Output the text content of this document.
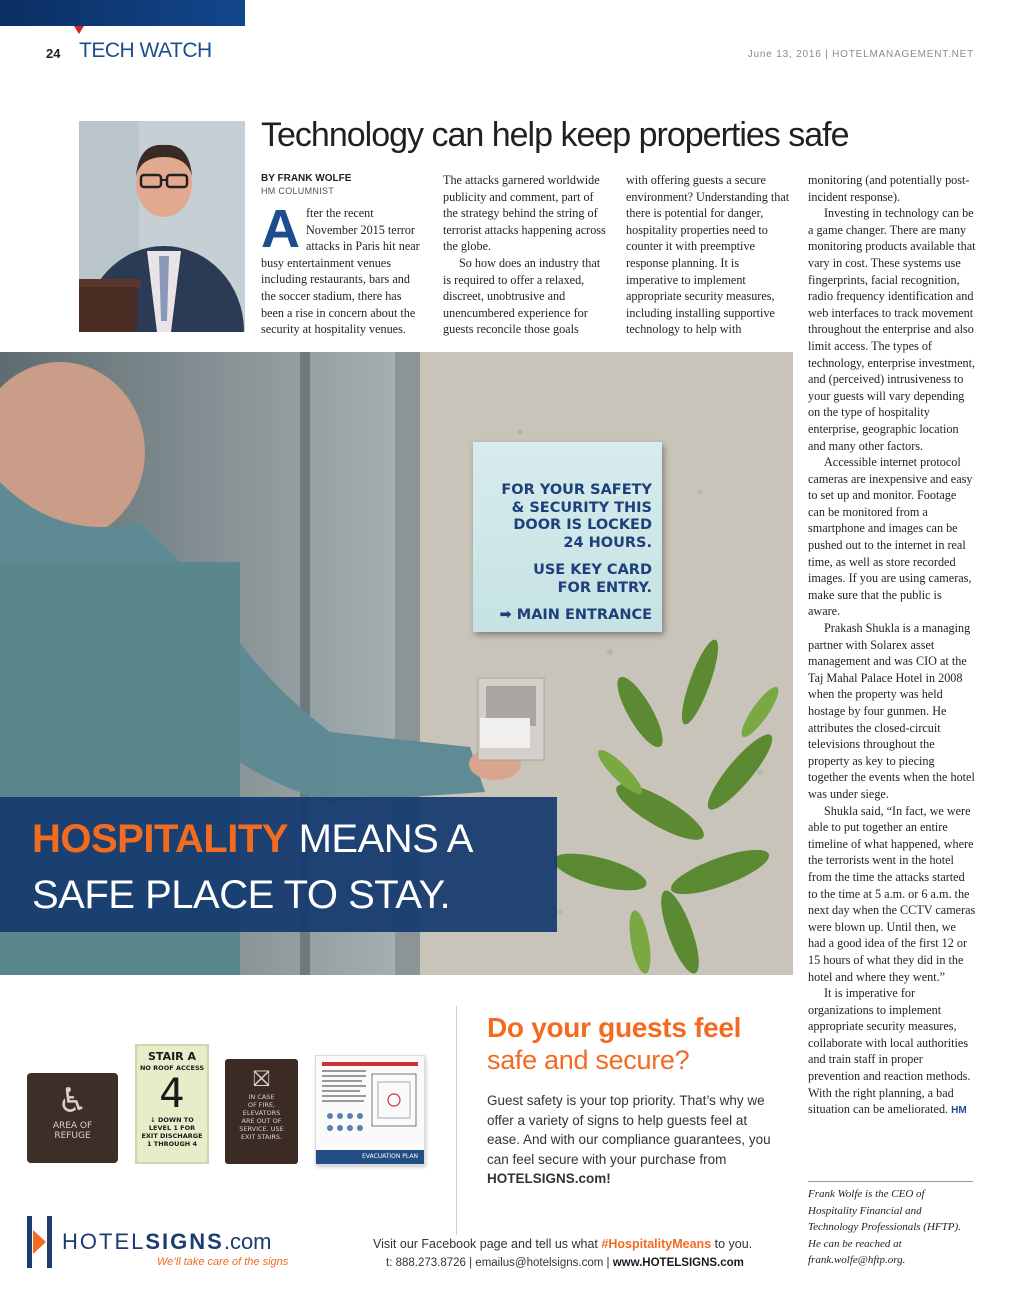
24 TECH WATCH	June 13, 2016 | HOTELMANAGEMENT.NET
Technology can help keep properties safe
BY FRANK WOLFE
HM COLUMNIST

After the recent November 2015 terror attacks in Paris hit near busy entertainment venues including restaurants, bars and the soccer stadium, there has been a rise in concern about the security at hospitality venues.

The attacks garnered worldwide publicity and comment, part of the strategy behind the string of terrorist attacks happening across the globe.

So how does an industry that is required to offer a relaxed, discreet, unobtrusive and unencumbered experience for guests reconcile those goals

with offering guests a secure environment? Understanding that there is potential for danger, hospitality properties need to counter it with preemptive response planning. It is imperative to implement appropriate security measures, including installing supportive technology to help with

monitoring (and potentially post-incident response).

Investing in technology can be a game changer. There are many monitoring products available that vary in cost. These systems use fingerprints, facial recognition, radio frequency identification and web interfaces to track movement throughout the enterprise and also limit access. The types of technology, enterprise investment, and (perceived) intrusiveness to your guests will vary depending on the type of hospitality enterprise, geographic location and many other factors.

Accessible internet protocol cameras are inexpensive and easy to set up and monitor. Footage can be monitored from a smartphone and images can be pushed out to the internet in real time, as well as store recorded images. If you are using cameras, make sure that the public is aware.

Prakash Shukla is a managing partner with Solarex asset management and was CIO at the Taj Mahal Palace Hotel in 2008 when the property was held hostage by four gunmen. He attributes the closed-circuit televisions throughout the property as key to piecing together the events when the hotel was under siege.

Shukla said, “In fact, we were able to put together an entire timeline of what happened, where the terrorists went in the hotel from the time the attacks started to the time at 5 a.m. or 6 a.m. the next day when the CCTV cameras were blown up. Until then, we had a good idea of the first 12 or 15 hours of what they did in the hotel and where they went.”

It is imperative for organizations to implement appropriate security measures, collaborate with local authorities and train staff in proper prevention and reaction methods. With the right planning, a bad situation can be ameliorated. HM

Frank Wolfe is the CEO of Hospitality Financial and Technology Professionals (HFTP). He can be reached at frank.wolfe@hftp.org.
FOR YOUR SAFETY
& SECURITY THIS
DOOR IS LOCKED
24 HOURS.
USE KEY CARD
FOR ENTRY.
➡ MAIN ENTRANCE
HOSPITALITY MEANS A
SAFE PLACE TO STAY.
Do your guests feel
safe and secure?
Guest safety is your top priority. That’s why we offer a variety of signs to help guests feel at ease. And with our compliance guarantees, you can feel secure with your purchase from HOTELSIGNS.com!
♿
AREA OF
REFUGE
STAIR A
NO ROOF ACCESS
4
↓ DOWN TO
LEVEL 1 FOR
EXIT DISCHARGE
1 THROUGH 4
⛝
IN CASE
OF FIRE,
ELEVATORS
ARE OUT OF
SERVICE. USE
EXIT STAIRS.
EVACUATION PLAN
HOTELSIGNS.com
We’ll take care of the signs
Visit our Facebook page and tell us what #HospitalityMeans to you.
t: 888.273.8726 | emailus@hotelsigns.com | www.HOTELSIGNS.com
